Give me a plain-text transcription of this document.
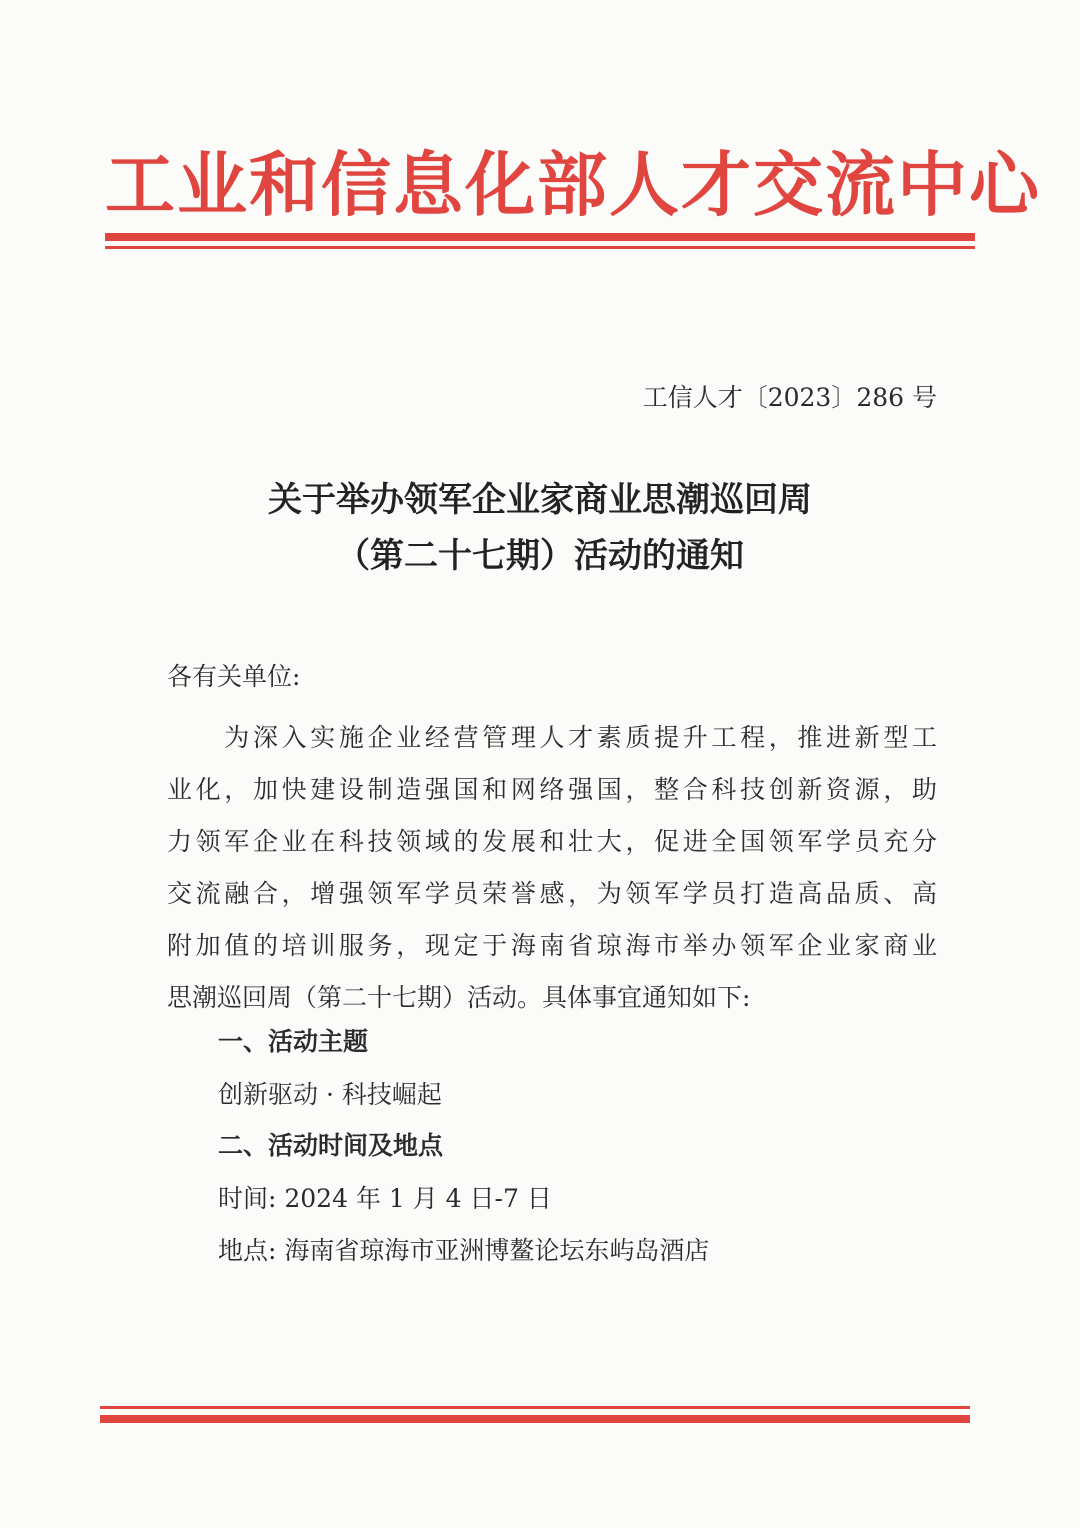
工业和信息化部人才交流中心
工信人才〔2023〕286 号
关于举办领军企业家商业思潮巡回周
（第二十七期）活动的通知
各有关单位:
　　为深入实施企业经营管理人才素质提升工程，推进新型工
业化，加快建设制造强国和网络强国，整合科技创新资源，助
力领军企业在科技领域的发展和壮大，促进全国领军学员充分
交流融合，增强领军学员荣誉感，为领军学员打造高品质、高
附加值的培训服务，现定于海南省琼海市举办领军企业家商业
思潮巡回周（第二十七期）活动。具体事宜通知如下:
一、活动主题
创新驱动 · 科技崛起
二、活动时间及地点
时间: 2024 年 1 月 4 日-7 日
地点: 海南省琼海市亚洲博鳌论坛东屿岛酒店
